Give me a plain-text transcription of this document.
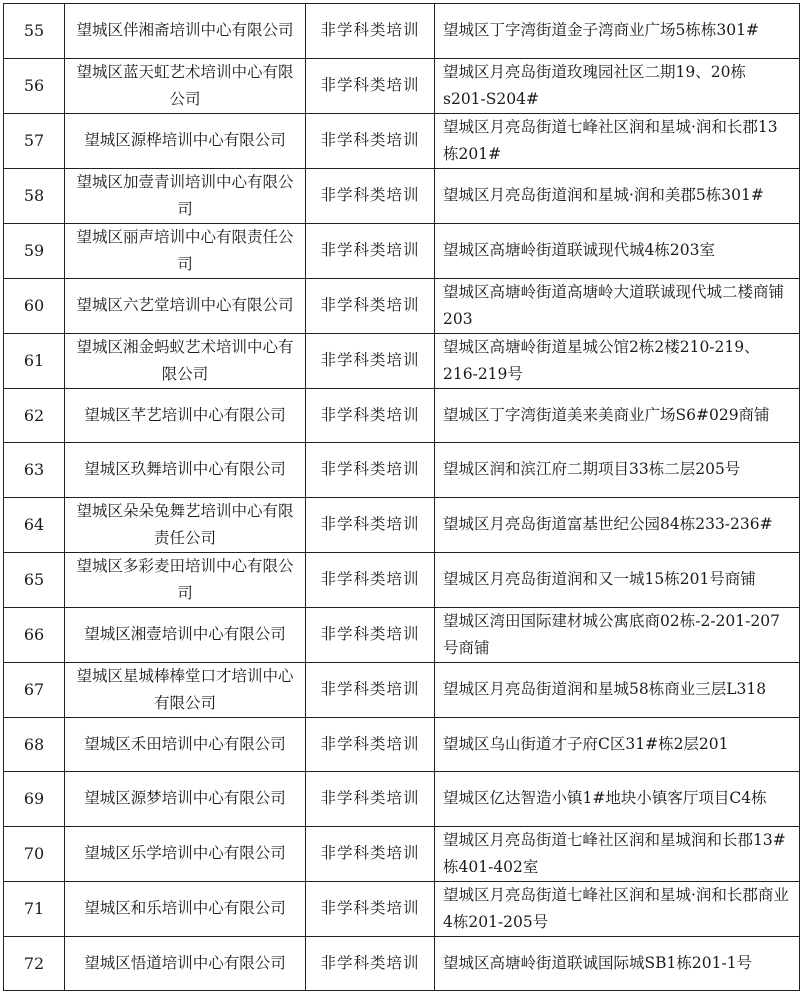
55	望城区伴湘斋培训中心有限公司	非学科类培训	望城区丁字湾街道金子湾商业广场5栋栋301#
56	望城区蓝天虹艺术培训中心有限公司	非学科类培训	望城区月亮岛街道玫瑰园社区二期19、20栋 s201-S204#
57	望城区源桦培训中心有限公司	非学科类培训	望城区月亮岛街道七峰社区润和星城·润和长郡13栋201#
58	望城区加壹青训培训中心有限公司	非学科类培训	望城区月亮岛街道润和星城·润和美郡5栋301#
59	望城区丽声培训中心有限责任公司	非学科类培训	望城区高塘岭街道联诚现代城4栋203室
60	望城区六艺堂培训中心有限公司	非学科类培训	望城区高塘岭街道高塘岭大道联诚现代城二楼商铺203
61	望城区湘金蚂蚁艺术培训中心有限公司	非学科类培训	望城区高塘岭街道星城公馆2栋2楼210-219、216-219号
62	望城区芊艺培训中心有限公司	非学科类培训	望城区丁字湾街道美来美商业广场S6#029商铺
63	望城区玖舞培训中心有限公司	非学科类培训	望城区润和滨江府二期项目33栋二层205号
64	望城区朵朵兔舞艺培训中心有限责任公司	非学科类培训	望城区月亮岛街道富基世纪公园84栋233-236#
65	望城区多彩麦田培训中心有限公司	非学科类培训	望城区月亮岛街道润和又一城15栋201号商铺
66	望城区湘壹培训中心有限公司	非学科类培训	望城区湾田国际建材城公寓底商02栋-2-201-207号商铺
67	望城区星城棒棒堂口才培训中心有限公司	非学科类培训	望城区月亮岛街道润和星城58栋商业三层L318
68	望城区禾田培训中心有限公司	非学科类培训	望城区乌山街道才子府C区31#栋2层201
69	望城区源梦培训中心有限公司	非学科类培训	望城区亿达智造小镇1#地块小镇客厅项目C4栋
70	望城区乐学培训中心有限公司	非学科类培训	望城区月亮岛街道七峰社区润和星城润和长郡13#栋401-402室
71	望城区和乐培训中心有限公司	非学科类培训	望城区月亮岛街道七峰社区润和星城·润和长郡商业4栋201-205号
72	望城区悟道培训中心有限公司	非学科类培训	望城区高塘岭街道联诚国际城SB1栋201-1号
